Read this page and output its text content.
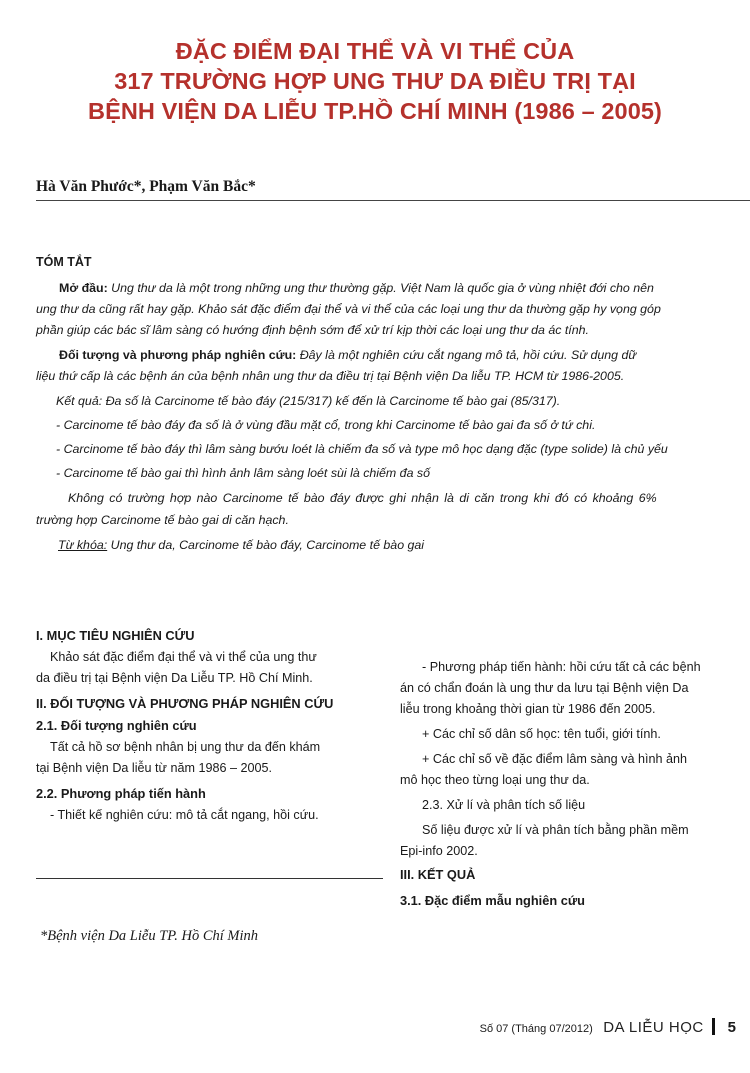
ĐẶC ĐIỂM ĐẠI THỂ VÀ VI THỂ CỦA
317 TRƯỜNG HỢP UNG THƯ DA ĐIỀU TRỊ TẠI
BỆNH VIỆN DA LIỄU TP.HỒ CHÍ MINH (1986 – 2005)
Hà Văn Phước*, Phạm Văn Bắc*
TÓM TẮT
Mở đầu: Ung thư da là một trong những ung thư thường gặp. Việt Nam là quốc gia ở vùng nhiệt đới cho nên
ung thư da cũng rất hay gặp. Khảo sát đặc điểm đại thể và vi thể của các loại ung thư da thường gặp hy vọng góp
phần giúp các bác sĩ lâm sàng có hướng định bệnh sớm để xử trí kịp thời các loại ung thư da ác tính.
Đối tượng và phương pháp nghiên cứu: Đây là một nghiên cứu cắt ngang mô tả, hồi cứu. Sử dụng dữ
liệu thứ cấp là các bệnh án của bệnh nhân ung thư da điều trị tại Bệnh viện Da liễu TP. HCM từ 1986-2005.
Kết quả: Đa số là Carcinome tế bào đáy (215/317) kế đến là Carcinome tế bào gai (85/317).
- Carcinome tế bào đáy đa số là ở vùng đầu mặt cổ, trong khi Carcinome tế bào gai đa số ở tứ chi.
- Carcinome tế bào đáy thì lâm sàng bướu loét là chiếm đa số và type mô học dạng đặc (type solide) là chủ yếu
- Carcinome tế bào gai thì hình ảnh lâm sàng loét sùi là chiếm đa số
Không có trường hợp nào Carcinome tế bào đáy được ghi nhận là di căn trong khi đó có khoảng 6%
trường hợp Carcinome tế bào gai di căn hạch.
Từ khóa: Ung thư da, Carcinome tế bào đáy, Carcinome tế bào gai
I. MỤC TIÊU NGHIÊN CỨU
Khảo sát đặc điểm đại thể và vi thể của ung thư
da điều trị tại Bệnh viện Da Liễu TP. Hồ Chí Minh.
II. ĐỐI TƯỢNG VÀ PHƯƠNG PHÁP NGHIÊN CỨU
2.1. Đối tượng nghiên cứu
Tất cả hồ sơ bệnh nhân bị ung thư da đến khám
tại Bệnh viện Da liễu từ năm 1986 – 2005.
2.2. Phương pháp tiến hành
- Thiết kế nghiên cứu: mô tả cắt ngang, hồi cứu.
*Bệnh viện Da Liễu TP. Hồ Chí Minh
- Phương pháp tiến hành: hồi cứu tất cả các bệnh
án có chẩn đoán là ung thư da lưu tại Bệnh viện Da
liễu trong khoảng thời gian từ 1986 đến 2005.
+ Các chỉ số dân số học: tên tuổi, giới tính.
+ Các chỉ số về đặc điểm lâm sàng và hình ảnh
mô học theo từng loại ung thư da.
2.3. Xử lí và phân tích số liệu
Số liệu được xử lí và phân tích bằng phần mềm
Epi-info 2002.
III. KẾT QUẢ
3.1. Đặc điểm mẫu nghiên cứu
Số 07 (Tháng 07/2012) DA LIỄU HỌC 5
